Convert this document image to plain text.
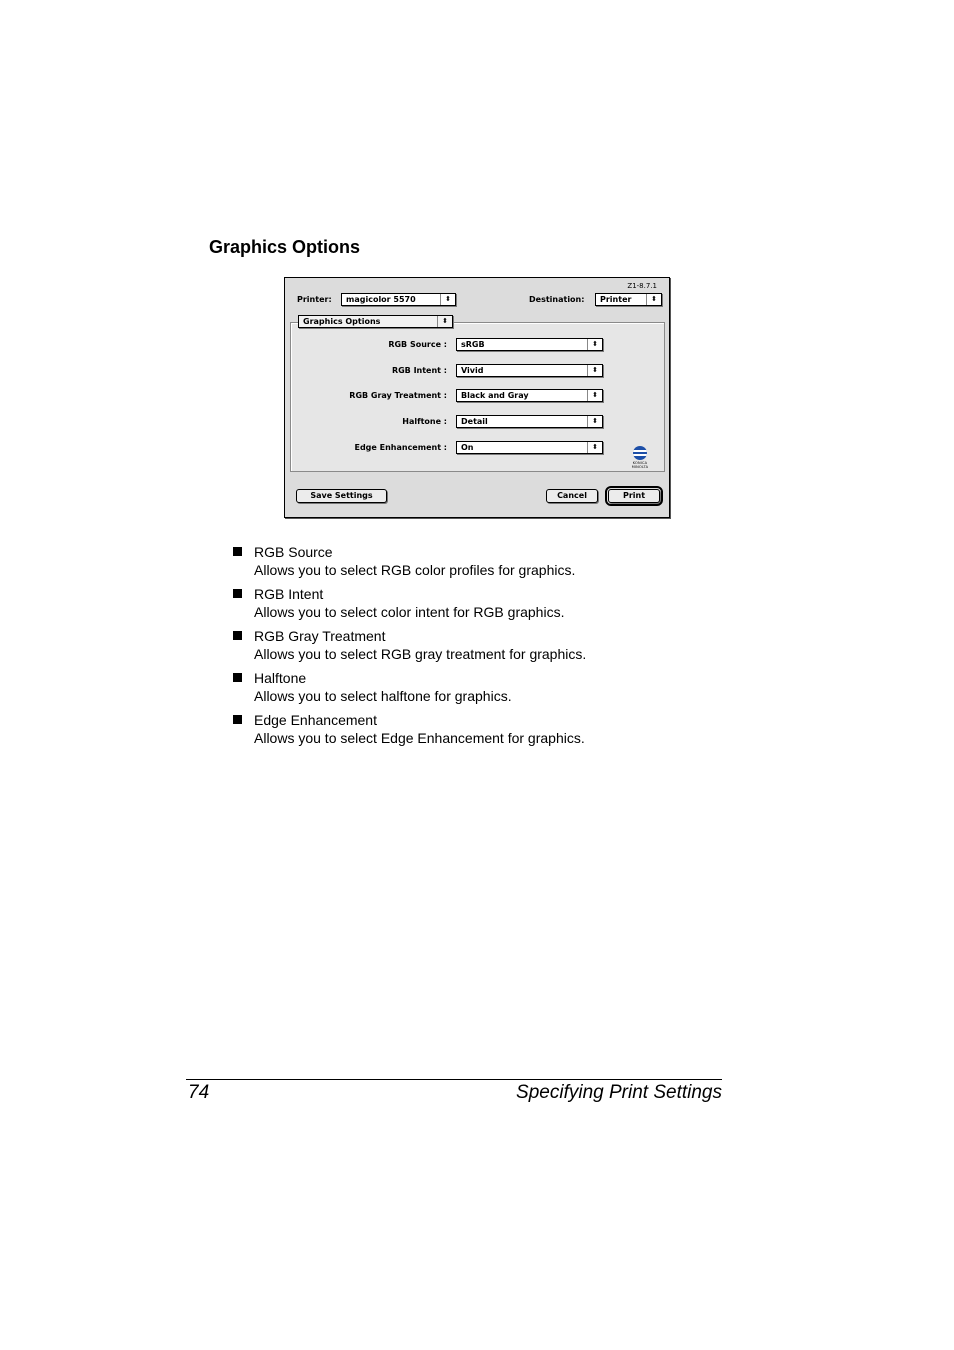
Graphics Options
Z1-8.7.1
Printer: magicolor 5570	⬍	Destination: Printer	⬍
RGB Source : sRGB	⬍
RGB Intent : Vivid	⬍
RGB Gray Treatment : Black and Gray	⬍
Halftone : Detail	⬍
Edge Enhancement : On	⬍
Graphics Options	⬍
KONICA MINOLTA
Save Settings	Cancel	Print
RGB Source
Allows you to select RGB color profiles for graphics.
RGB Intent
Allows you to select color intent for RGB graphics.
RGB Gray Treatment
Allows you to select RGB gray treatment for graphics.
Halftone
Allows you to select halftone for graphics.
Edge Enhancement
Allows you to select Edge Enhancement for graphics.
74	Specifying Print Settings
